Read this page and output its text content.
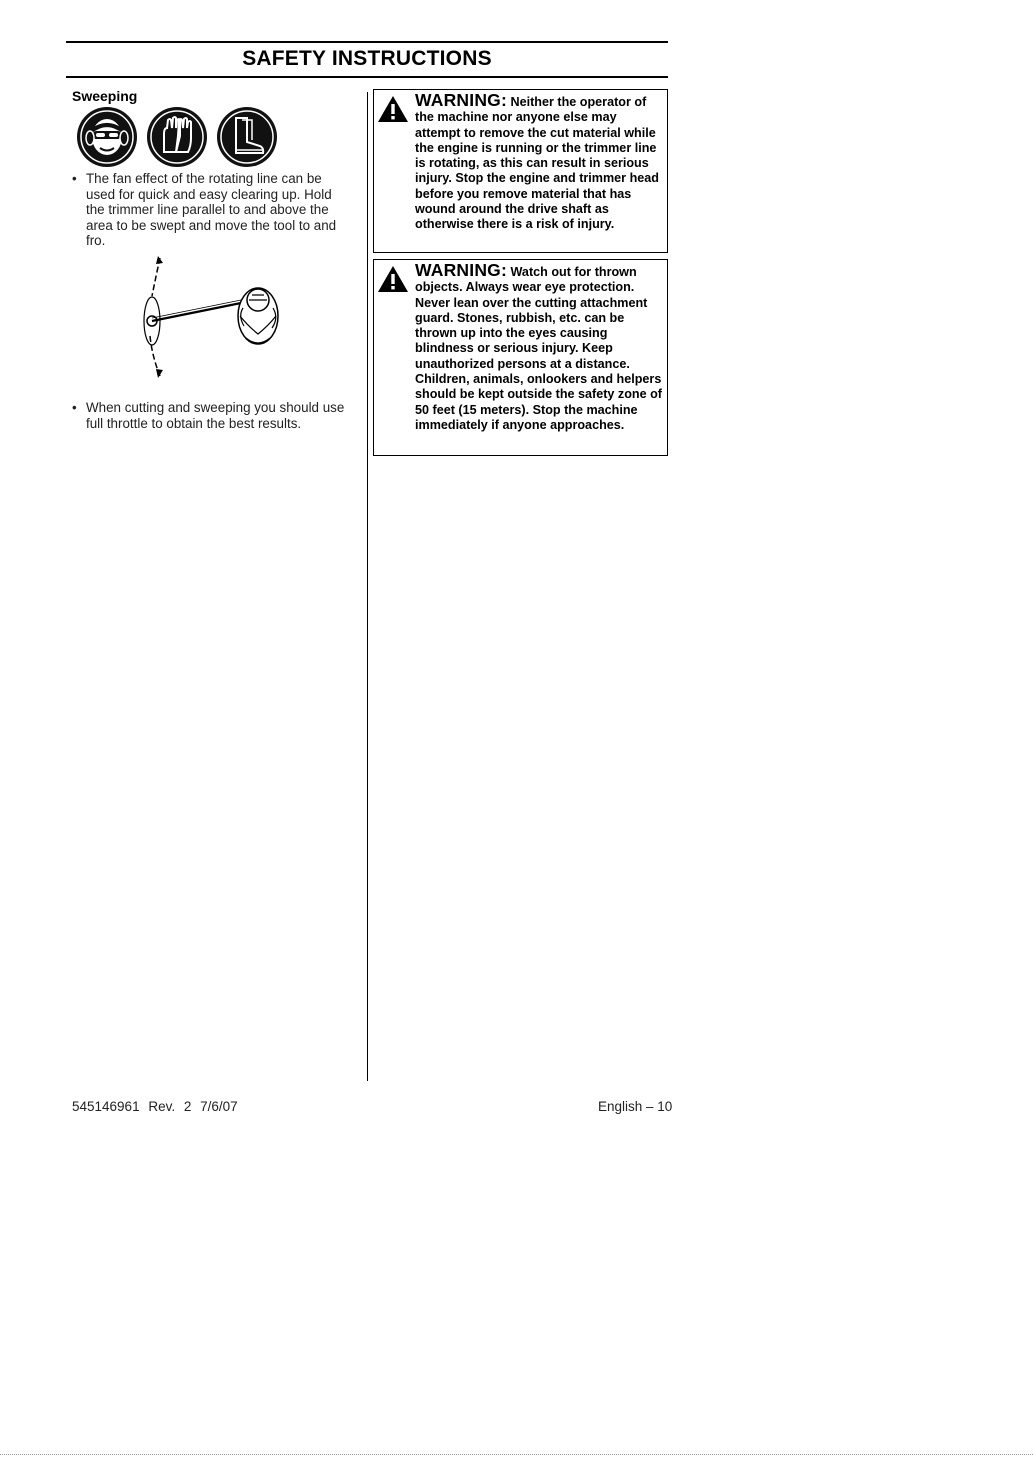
SAFETY INSTRUCTIONS
Sweeping
• The fan effect of the rotating line can be used for quick and easy clearing up. Hold the trimmer line parallel to and above the area to be swept and move the tool to and fro.
• When cutting and sweeping you should use full throttle to obtain the best results.
WARNING: Neither the operator of the machine nor anyone else may attempt to remove the cut material while the engine is running or the trimmer line is rotating, as this can result in serious injury. Stop the engine and trimmer head before you remove material that has wound around the drive shaft as otherwise there is a risk of injury.
WARNING: Watch out for thrown objects. Always wear eye protection. Never lean over the cutting attachment guard. Stones, rubbish, etc. can be thrown up into the eyes causing blindness or serious injury. Keep unauthorized persons at a distance. Children, animals, onlookers and helpers should be kept outside the safety zone of 50 feet (15 meters). Stop the machine immediately if anyone approaches.
545146961 Rev. 2 7/6/07	English – 10
